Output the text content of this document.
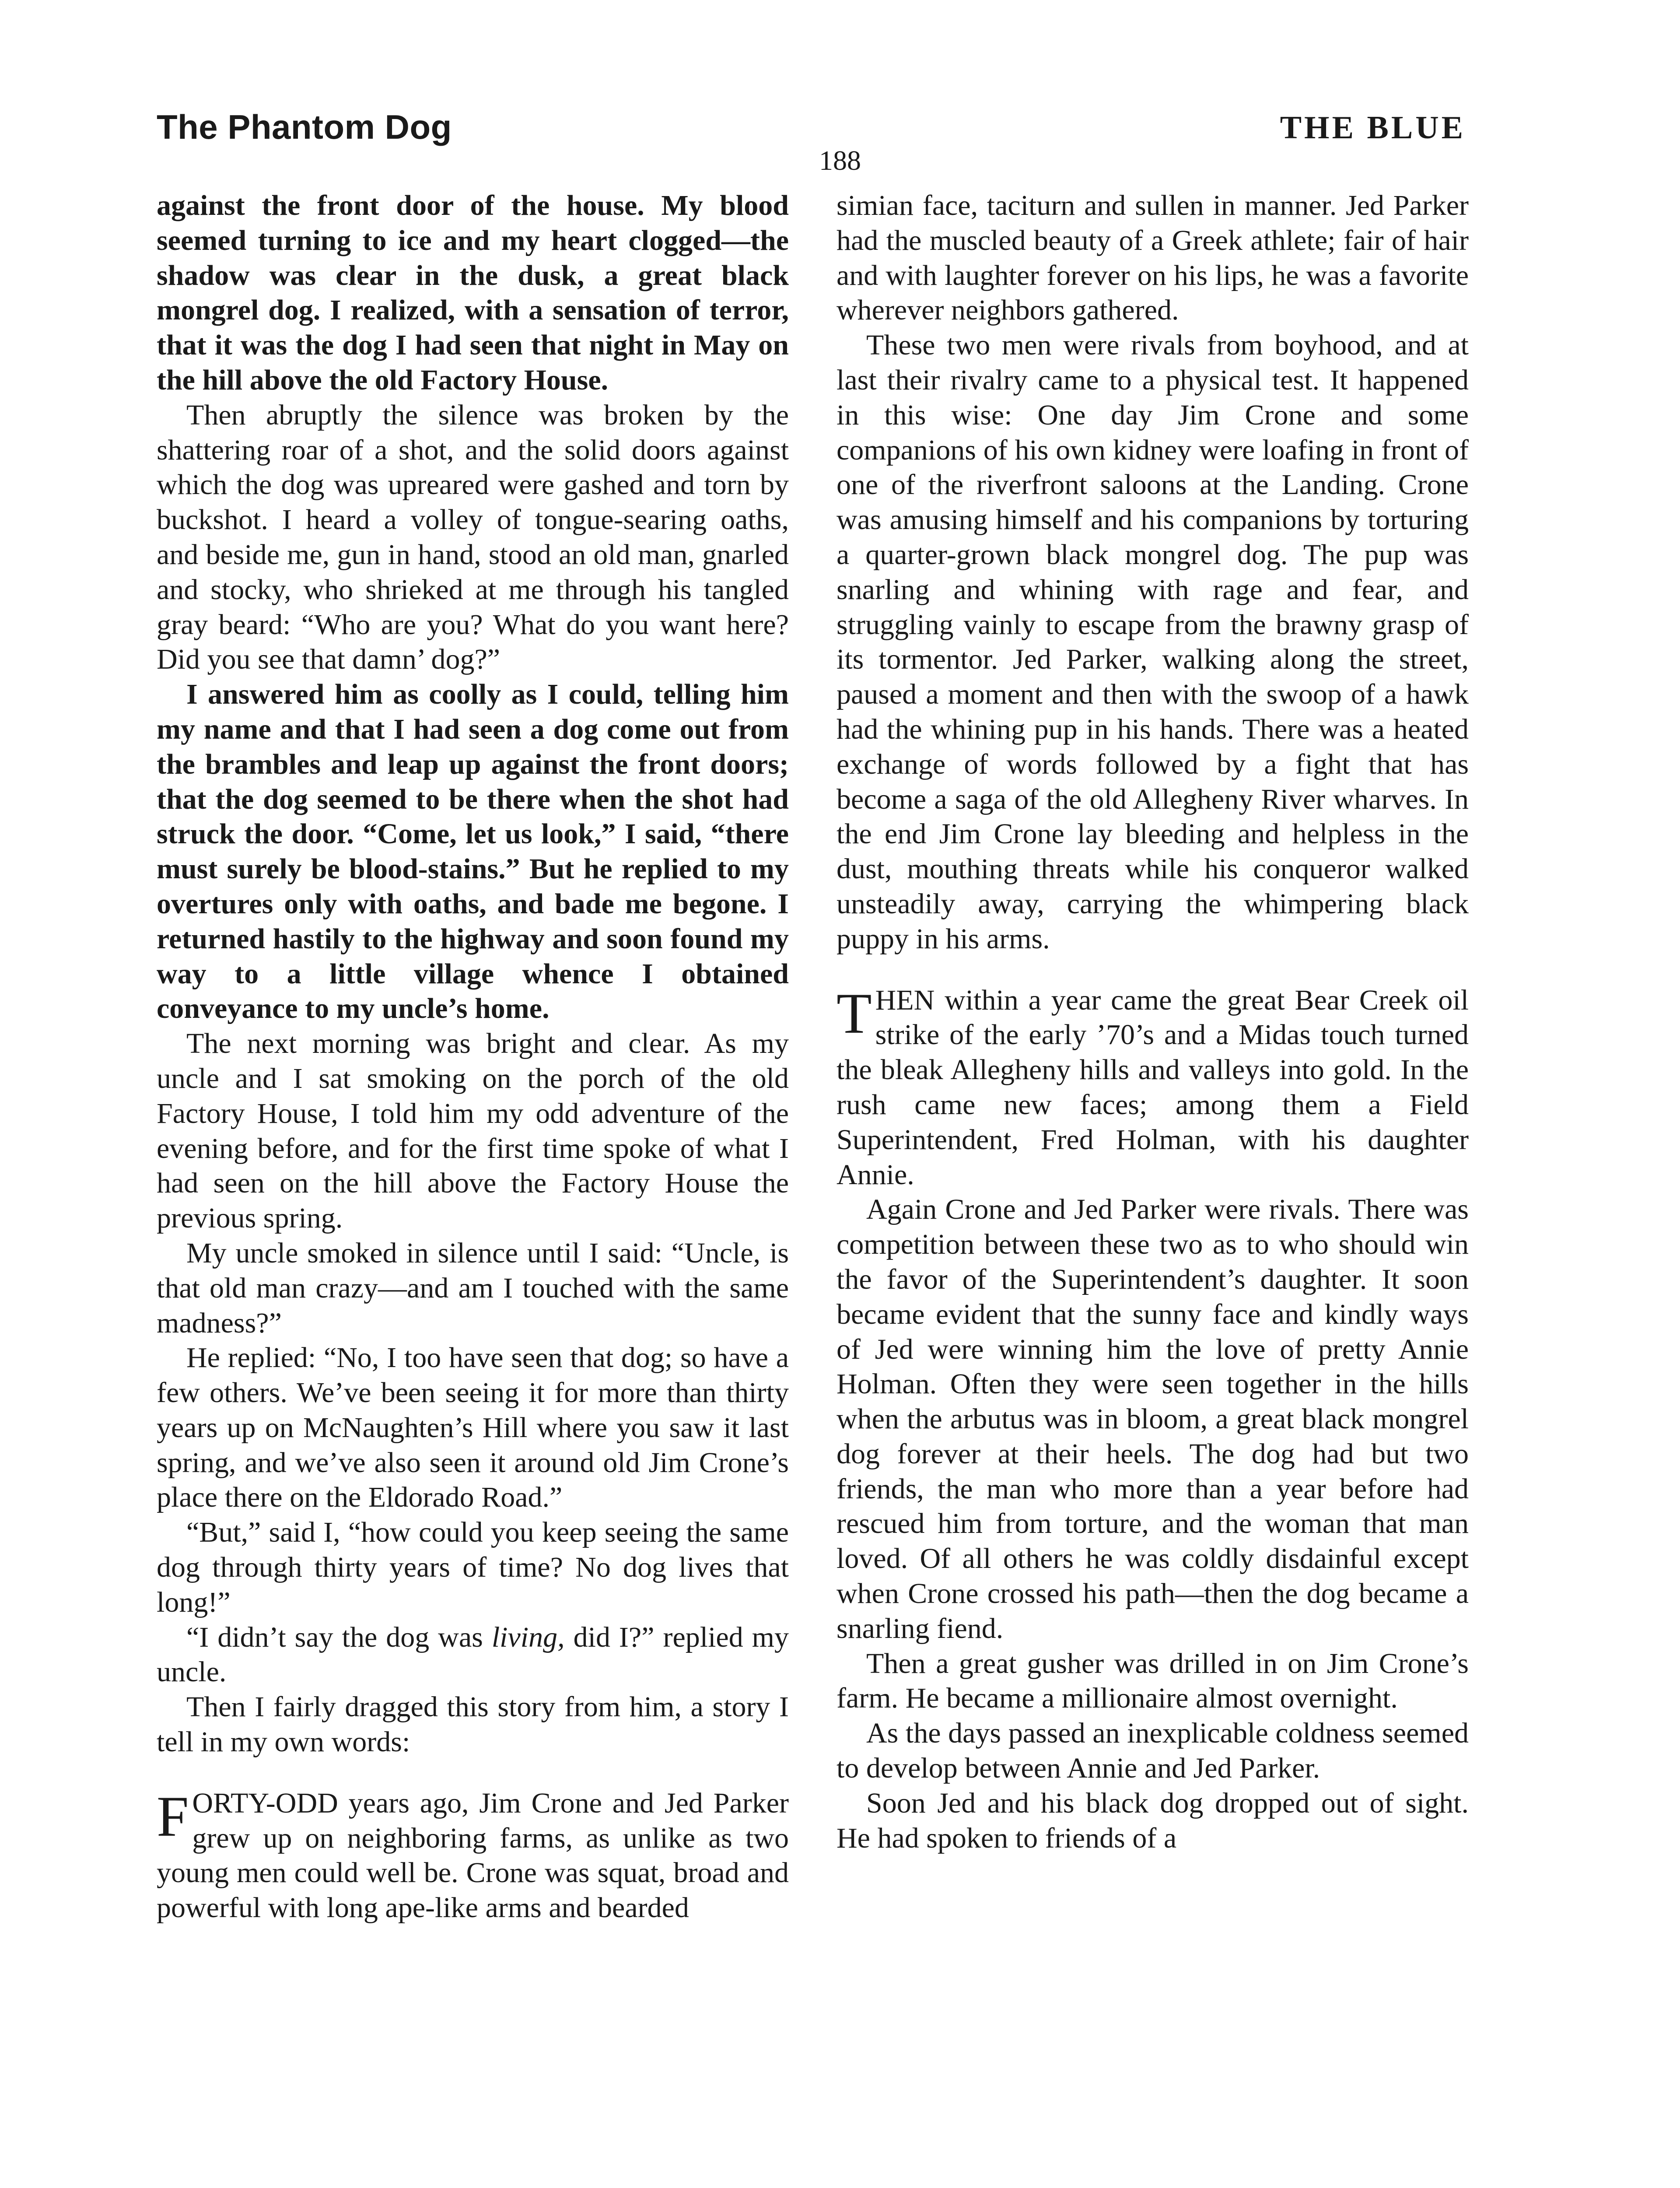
The Phantom Dog	THE BLUE
188

against the front door of the house. My blood seemed turning to ice and my heart clogged—the shadow was clear in the dusk, a great black mongrel dog. I realized, with a sensation of terror, that it was the dog I had seen that night in May on the hill above the old Factory House.

Then abruptly the silence was broken by the shattering roar of a shot, and the solid doors against which the dog was upreared were gashed and torn by buckshot. I heard a volley of tongue-searing oaths, and beside me, gun in hand, stood an old man, gnarled and stocky, who shrieked at me through his tangled gray beard: “Who are you? What do you want here? Did you see that damn’ dog?”

I answered him as coolly as I could, telling him my name and that I had seen a dog come out from the brambles and leap up against the front doors; that the dog seemed to be there when the shot had struck the door. “Come, let us look,” I said, “there must surely be blood-stains.” But he replied to my overtures only with oaths, and bade me begone. I returned hastily to the highway and soon found my way to a little village whence I obtained conveyance to my uncle’s home.

The next morning was bright and clear. As my uncle and I sat smoking on the porch of the old Factory House, I told him my odd adventure of the evening before, and for the first time spoke of what I had seen on the hill above the Factory House the previous spring.

My uncle smoked in silence until I said: “Uncle, is that old man crazy—and am I touched with the same madness?”

He replied: “No, I too have seen that dog; so have a few others. We’ve been seeing it for more than thirty years up on McNaughten’s Hill where you saw it last spring, and we’ve also seen it around old Jim Crone’s place there on the Eldorado Road.”

“But,” said I, “how could you keep seeing the same dog through thirty years of time? No dog lives that long!”

“I didn’t say the dog was living, did I?” replied my uncle.

Then I fairly dragged this story from him, a story I tell in my own words:

FORTY-ODD years ago, Jim Crone and Jed Parker grew up on neighboring farms, as unlike as two young men could well be. Crone was squat, broad and powerful with long ape-like arms and bearded

simian face, taciturn and sullen in manner. Jed Parker had the muscled beauty of a Greek athlete; fair of hair and with laughter forever on his lips, he was a favorite wherever neighbors gathered.

These two men were rivals from boyhood, and at last their rivalry came to a physical test. It happened in this wise: One day Jim Crone and some companions of his own kidney were loafing in front of one of the riverfront saloons at the Landing. Crone was amusing himself and his companions by torturing a quarter-grown black mongrel dog. The pup was snarling and whining with rage and fear, and struggling vainly to escape from the brawny grasp of its tormentor. Jed Parker, walking along the street, paused a moment and then with the swoop of a hawk had the whining pup in his hands. There was a heated exchange of words followed by a fight that has become a saga of the old Allegheny River wharves. In the end Jim Crone lay bleeding and helpless in the dust, mouthing threats while his conqueror walked unsteadily away, carrying the whimpering black puppy in his arms.

THEN within a year came the great Bear Creek oil strike of the early ’70’s and a Midas touch turned the bleak Allegheny hills and valleys into gold. In the rush came new faces; among them a Field Superintendent, Fred Holman, with his daughter Annie.

Again Crone and Jed Parker were rivals. There was competition between these two as to who should win the favor of the Superintendent’s daughter. It soon became evident that the sunny face and kindly ways of Jed were winning him the love of pretty Annie Holman. Often they were seen together in the hills when the arbutus was in bloom, a great black mongrel dog forever at their heels. The dog had but two friends, the man who more than a year before had rescued him from torture, and the woman that man loved. Of all others he was coldly disdainful except when Crone crossed his path—then the dog became a snarling fiend.

Then a great gusher was drilled in on Jim Crone’s farm. He became a millionaire almost overnight.

As the days passed an inexplicable coldness seemed to develop between Annie and Jed Parker.

Soon Jed and his black dog dropped out of sight. He had spoken to friends of a
